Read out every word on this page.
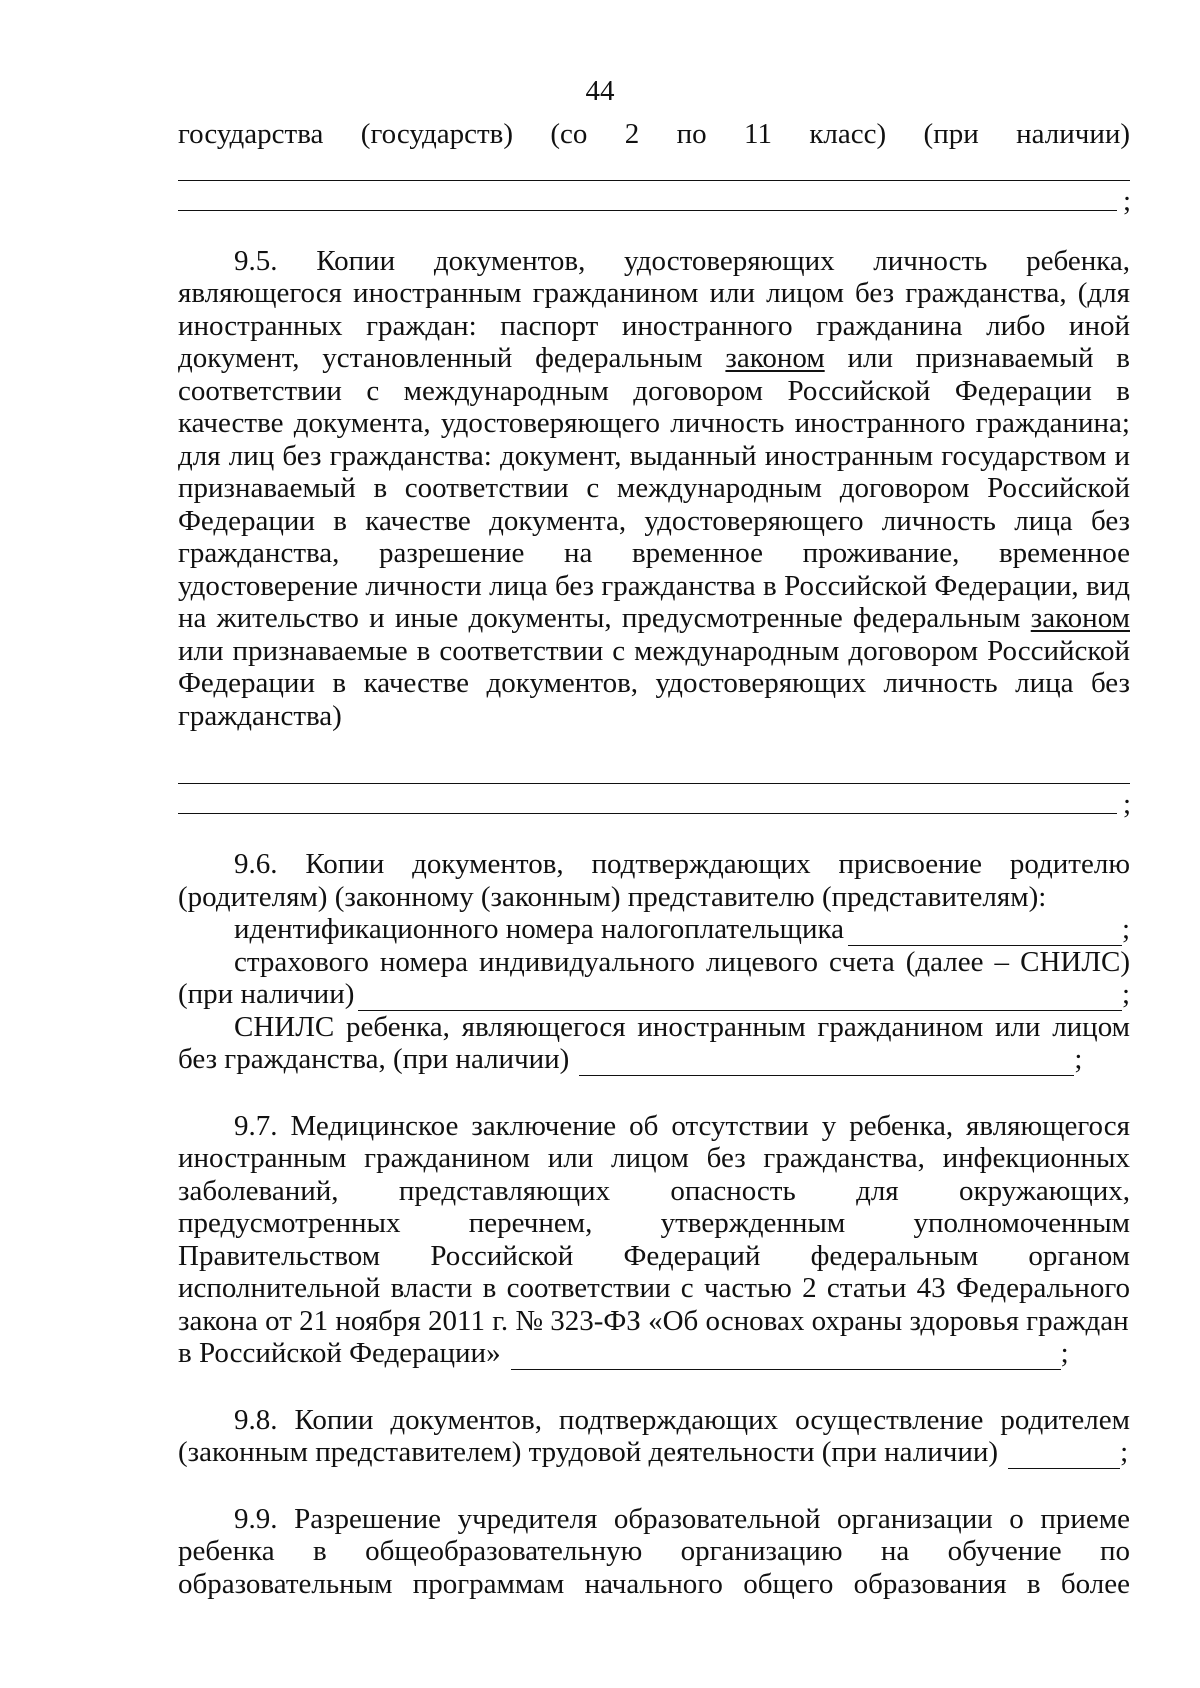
44

государства (государств) (со 2 по 11 класс) (при наличии)

;

9.5. Копии документов, удостоверяющих личность ребенка, являющегося иностранным гражданином или лицом без гражданства, (для иностранных граждан: паспорт иностранного гражданина либо иной документ, установленный федеральным законом или признаваемый в соответствии с международным договором Российской Федерации в качестве документа, удостоверяющего личность иностранного гражданина; для лиц без гражданства: документ, выданный иностранным государством и признаваемый в соответствии с международным договором Российской Федерации в качестве документа, удостоверяющего личность лица без гражданства, разрешение на временное проживание, временное удостоверение личности лица без гражданства в Российской Федерации, вид на жительство и иные документы, предусмотренные федеральным законом или признаваемые в соответствии с международным договором Российской Федерации в качестве документов, удостоверяющих личность лица без гражданства)

;

9.6. Копии документов, подтверждающих присвоение родителю (родителям) (законному (законным) представителю (представителям):

идентификационного номера налогоплательщика	;

страхового номера индивидуального лицевого счета (далее – СНИЛС)

(при наличии)	;

СНИЛС ребенка, являющегося иностранным гражданином или лицом

без гражданства, (при наличии)	;

9.7. Медицинское заключение об отсутствии у ребенка, являющегося иностранным гражданином или лицом без гражданства, инфекционных заболеваний, представляющих опасность для окружающих, предусмотренных перечнем, утвержденным уполномоченным Правительством Российской Федераций федеральным органом исполнительной власти в соответствии с частью 2 статьи 43 Федерального закона от 21 ноября 2011 г. № 323-ФЗ «Об основах охраны здоровья граждан

в Российской Федерации»	;

9.8. Копии документов, подтверждающих осуществление родителем

(законным представителем) трудовой деятельности (при наличии)	;

9.9. Разрешение учредителя образовательной организации о приеме ребенка в общеобразовательную организацию на обучение по образовательным программам начального общего образования в более
